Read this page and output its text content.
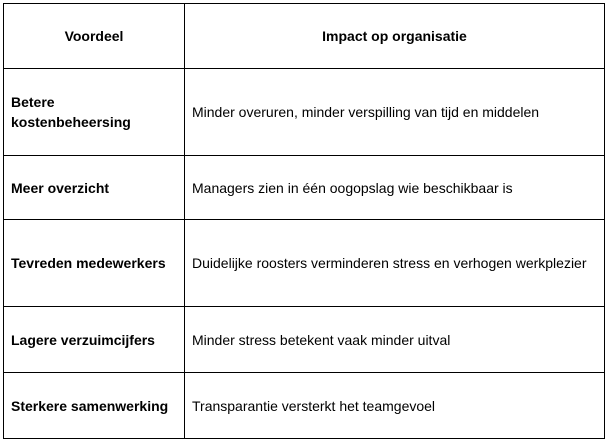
Voordeel	Impact op organisatie
Betere kostenbeheersing	Minder overuren, minder verspilling van tijd en middelen
Meer overzicht	Managers zien in één oogopslag wie beschikbaar is
Tevreden medewerkers	Duidelijke roosters verminderen stress en verhogen werkplezier
Lagere verzuimcijfers	Minder stress betekent vaak minder uitval
Sterkere samenwerking	Transparantie versterkt het teamgevoel
